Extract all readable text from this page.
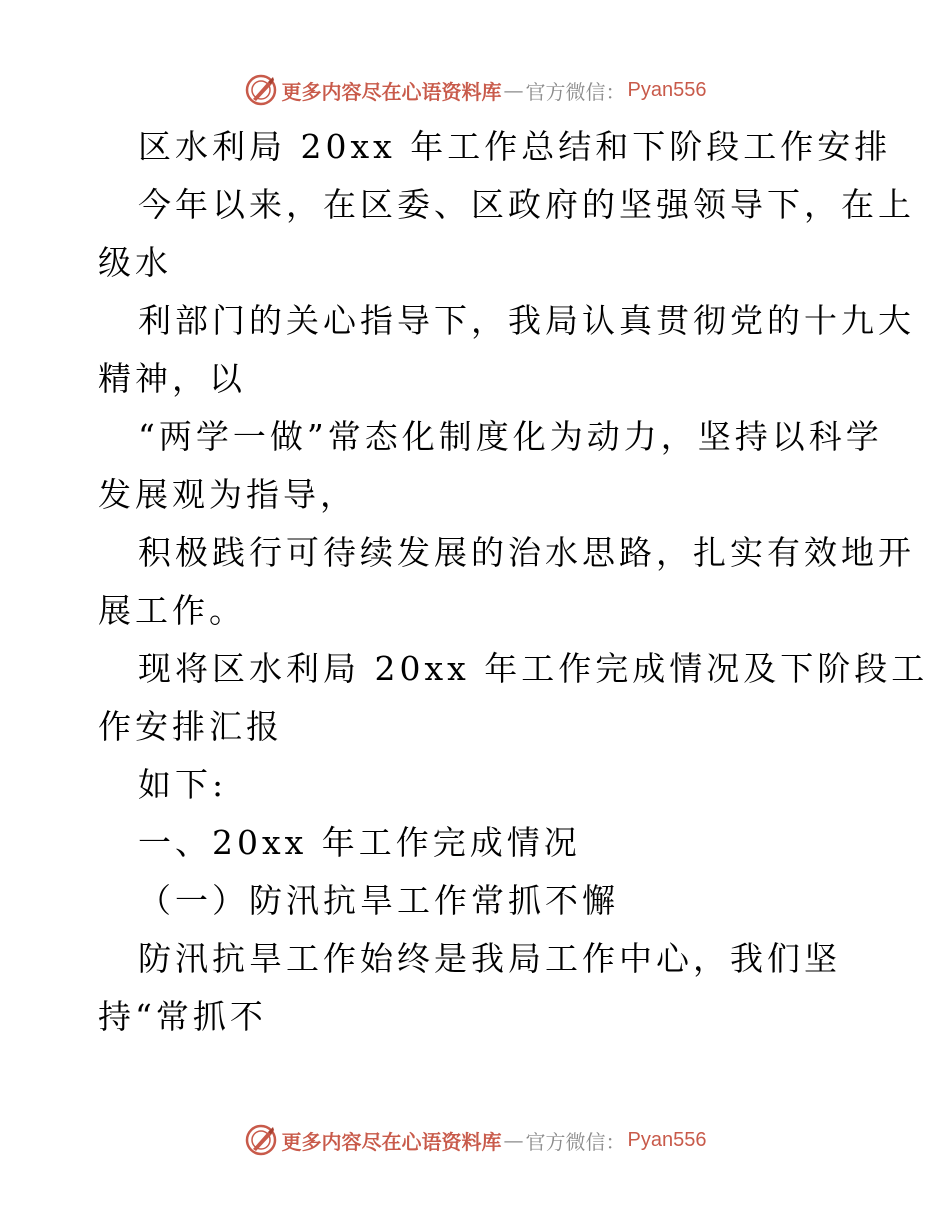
更多内容尽在心语资料库 — 官方微信： Pyan556
区水利局 20xx 年工作总结和下阶段工作安排
今年以来，在区委、区政府的坚强领导下，在上
级水
利部门的关心指导下，我局认真贯彻党的十九大
精神，以
“两学一做”常态化制度化为动力，坚持以科学
发展观为指导，
积极践行可待续发展的治水思路，扎实有效地开
展工作。
现将区水利局 20xx 年工作完成情况及下阶段工
作安排汇报
如下:
一、20xx 年工作完成情况
（一）防汛抗旱工作常抓不懈
防汛抗旱工作始终是我局工作中心，我们坚
持“常抓不
更多内容尽在心语资料库 — 官方微信： Pyan556
